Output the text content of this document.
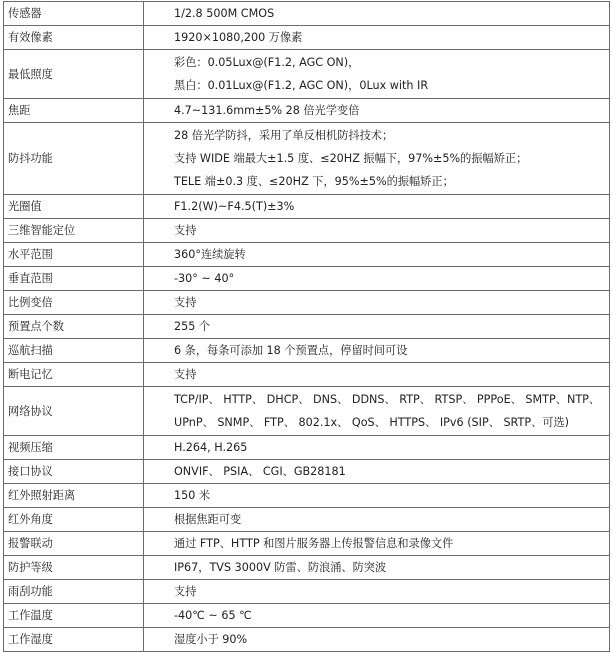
传感器	1/2.8 500M CMOS

有效像素	1920×1080,200 万像素

最低照度	彩色：0.05Lux@(F1.2, AGC ON)，
黑白：0.01Lux@(F1.2, AGC ON)，0Lux with IR

焦距	4.7~131.6mm±5% 28 倍光学变倍

防抖功能	28 倍光学防抖，采用了单反相机防抖技术；
支持 WIDE 端最大±1.5 度、≤20HZ 振幅下，97%±5%的振幅矫正；
TELE 端±0.3 度、≤20HZ 下，95%±5%的振幅矫正；

光圈值	F1.2(W)~F4.5(T)±3%

三维智能定位	支持

水平范围	360°连续旋转

垂直范围	-30° ~ 40°

比例变倍	支持

预置点个数	255 个

巡航扫描	6 条，每条可添加 18 个预置点，停留时间可设

断电记忆	支持

网络协议	TCP/IP、 HTTP、 DHCP、 DNS、 DDNS、 RTP、 RTSP、 PPPoE、 SMTP、NTP、
UPnP、 SNMP、 FTP、 802.1x、 QoS、 HTTPS、 IPv6 (SIP、 SRTP、可选)

视频压缩	H.264, H.265

接口协议	ONVIF、 PSIA、 CGI、GB28181

红外照射距离	150 米

红外角度	根据焦距可变

报警联动	通过 FTP、HTTP 和图片服务器上传报警信息和录像文件

防护等级	IP67，TVS 3000V 防雷、防浪涌、防突波

雨刮功能	支持

工作温度	-40℃ ~ 65 ℃

工作湿度	湿度小于 90%
